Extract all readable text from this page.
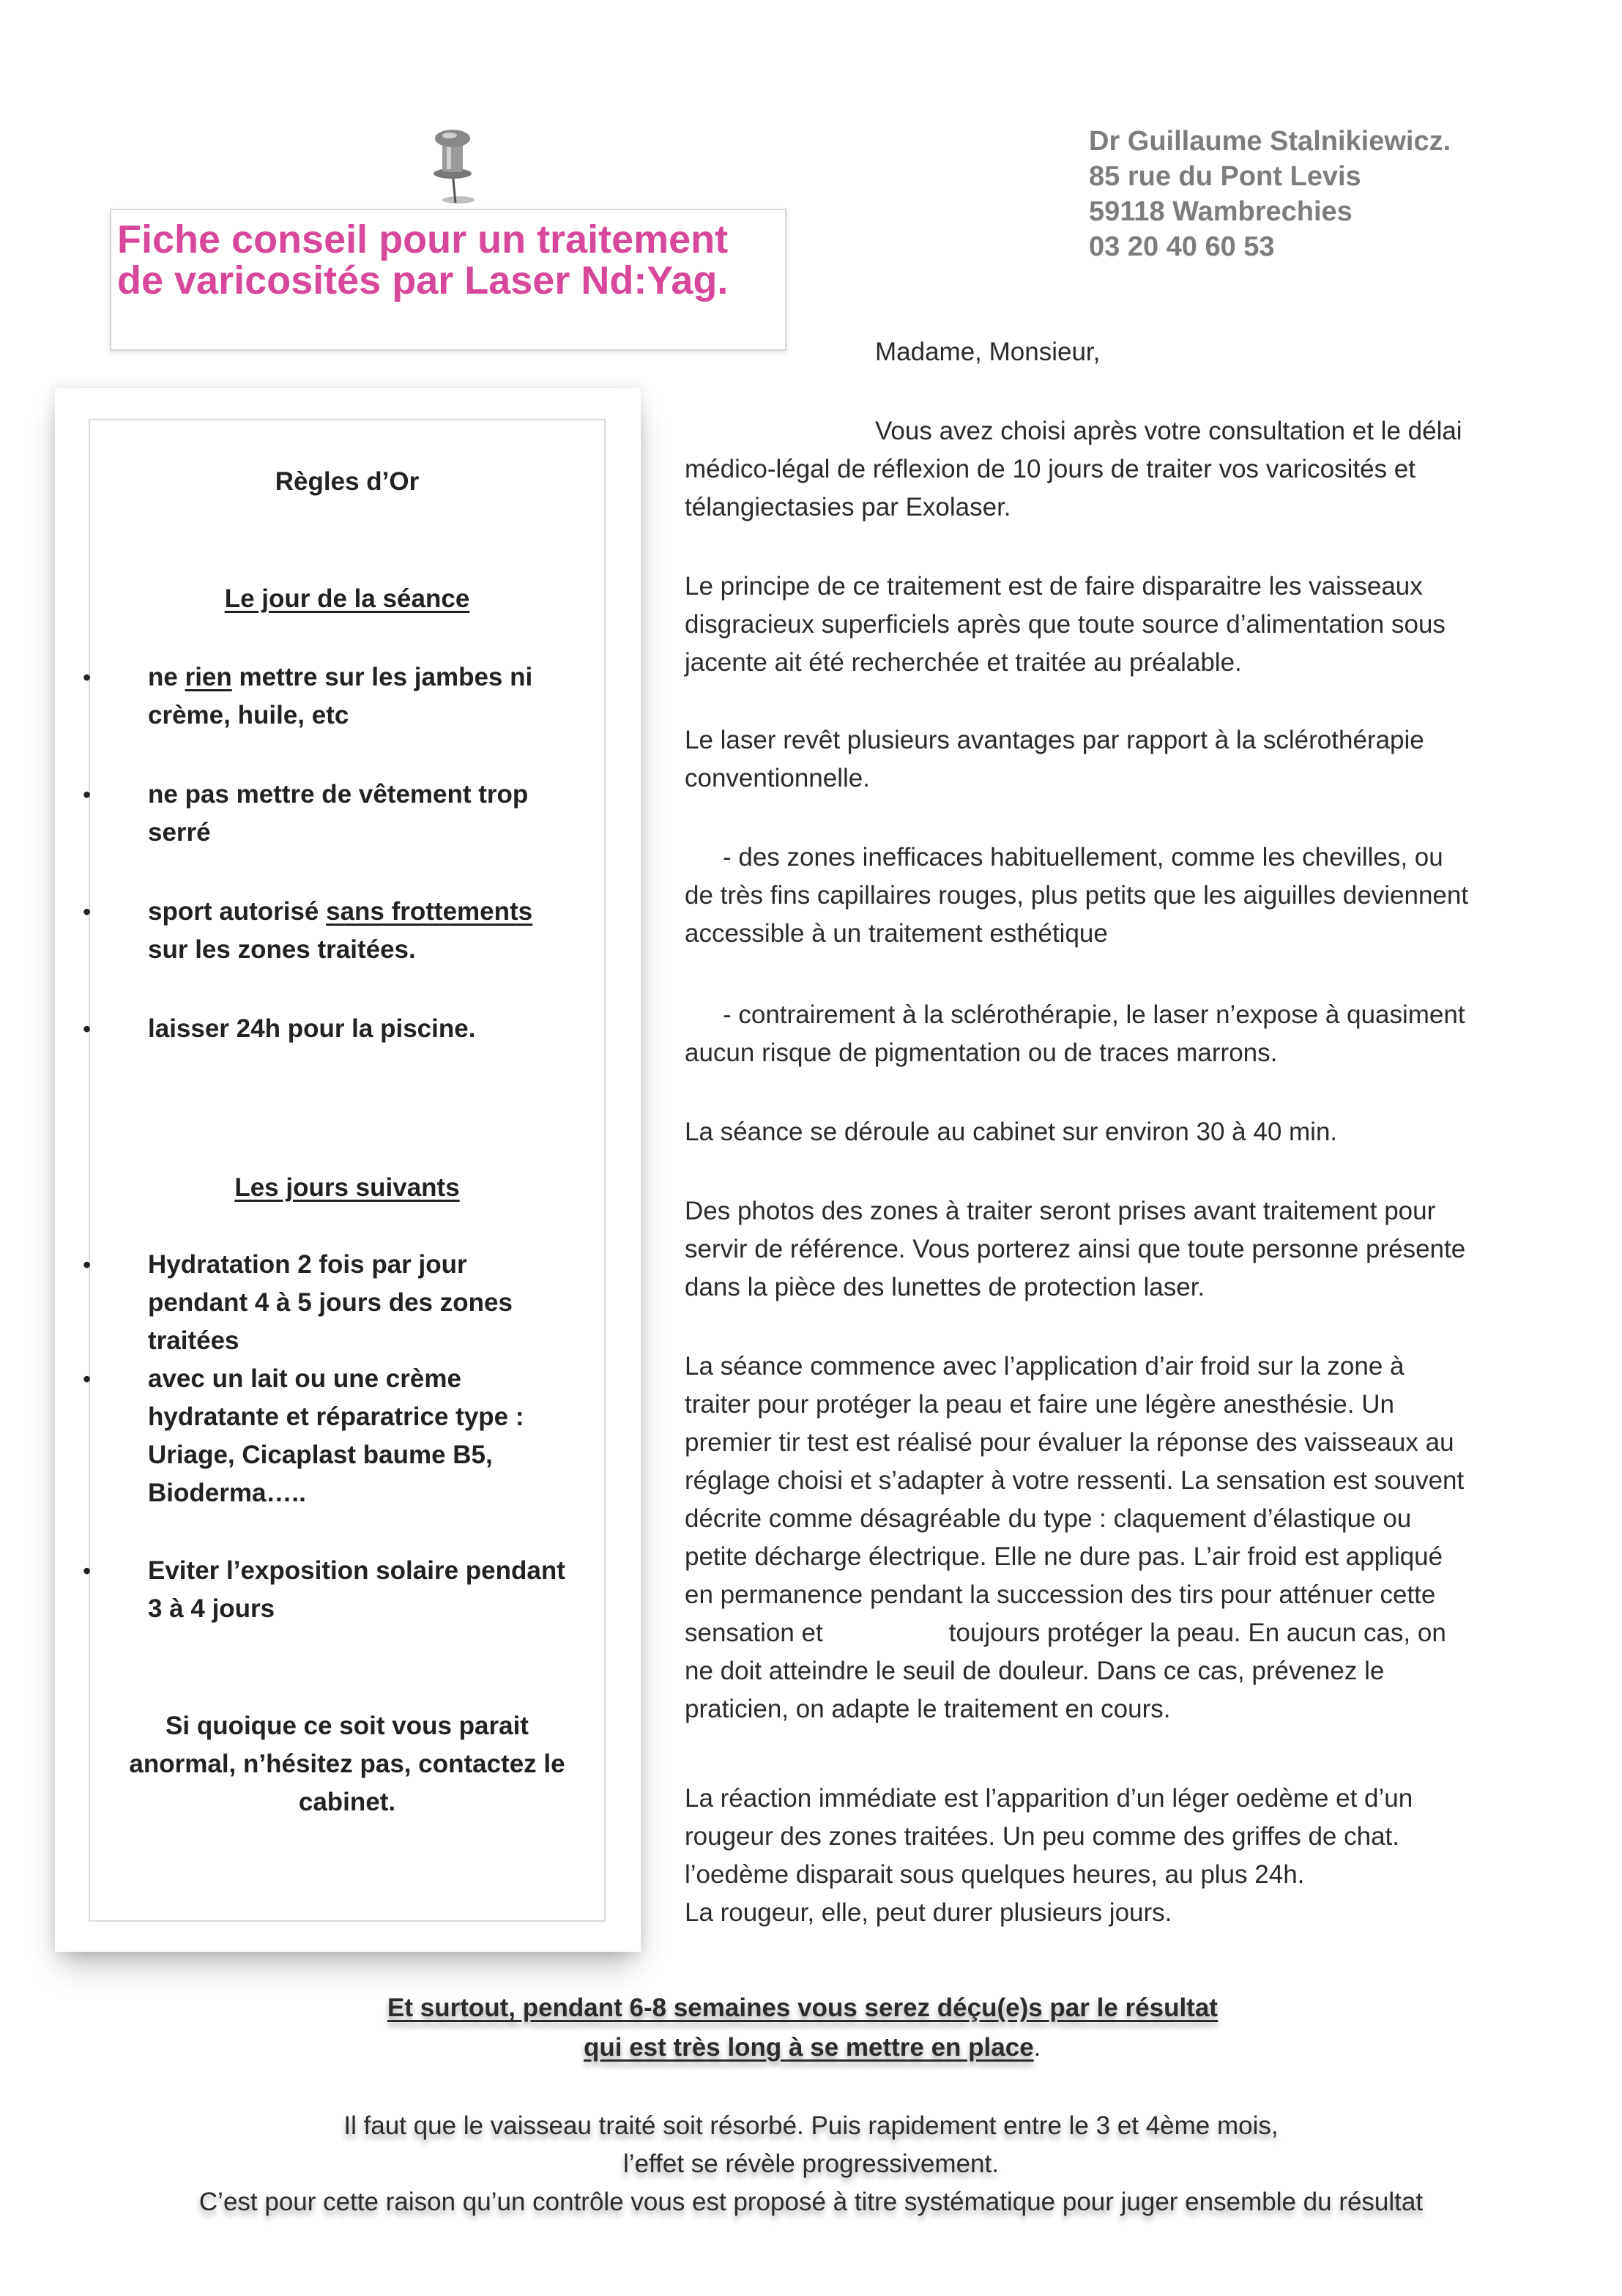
Fiche conseil pour un traitement
de varicosités par Laser Nd:Yag.
Dr Guillaume Stalnikiewicz.
85 rue du Pont Levis
59118 Wambrechies
03 20 40 60 53
Règles d’Or
Le jour de la séance
• ne rien mettre sur les jambes ni
crème, huile, etc
• ne pas mettre de vêtement trop
serré
• sport autorisé sans frottements
sur les zones traitées.
• laisser 24h pour la piscine.
Les jours suivants
• Hydratation 2 fois par jour
pendant 4 à 5 jours des zones
traitées
• avec un lait ou une crème
hydratante et réparatrice type :
Uriage, Cicaplast baume B5,
Bioderma…..
• Eviter l’exposition solaire pendant
3 à 4 jours
Si quoique ce soit vous parait
anormal, n’hésitez pas, contactez le
cabinet.
Madame, Monsieur,
Vous avez choisi après votre consultation et le délai
médico-légal de réflexion de 10 jours de traiter vos varicosités et
télangiectasies par Exolaser.
Le principe de ce traitement est de faire disparaitre les vaisseaux
disgracieux superficiels après que toute source d’alimentation sous
jacente ait été recherchée et traitée au préalable.
Le laser revêt plusieurs avantages par rapport à la sclérothérapie
conventionnelle.
- des zones inefficaces habituellement, comme les chevilles, ou
de très fins capillaires rouges, plus petits que les aiguilles deviennent
accessible à un traitement esthétique
- contrairement à la sclérothérapie, le laser n’expose à quasiment
aucun risque de pigmentation ou de traces marrons.
La séance se déroule au cabinet sur environ 30 à 40 min.
Des photos des zones à traiter seront prises avant traitement pour
servir de référence. Vous porterez ainsi que toute personne présente
dans la pièce des lunettes de protection laser.
La séance commence avec l’application d’air froid sur la zone à
traiter pour protéger la peau et faire une légère anesthésie. Un
premier tir test est réalisé pour évaluer la réponse des vaisseaux au
réglage choisi et s’adapter à votre ressenti. La sensation est souvent
décrite comme désagréable du type : claquement d’élastique ou
petite décharge électrique. Elle ne dure pas. L’air froid est appliqué
en permanence pendant la succession des tirs pour atténuer cette
sensation et	toujours protéger la peau. En aucun cas, on
ne doit atteindre le seuil de douleur. Dans ce cas, prévenez le
praticien, on adapte le traitement en cours.
La réaction immédiate est l’apparition d’un léger oedème et d’un
rougeur des zones traitées. Un peu comme des griffes de chat.
l’oedème disparait sous quelques heures, au plus 24h.
La rougeur, elle, peut durer plusieurs jours.
Et surtout, pendant 6-8 semaines vous serez déçu(e)s par le résultat
qui est très long à se mettre en place.
Il faut que le vaisseau traité soit résorbé. Puis rapidement entre le 3 et 4ème mois,
l’effet se révèle progressivement.
C’est pour cette raison qu’un contrôle vous est proposé à titre systématique pour juger ensemble du résultat
